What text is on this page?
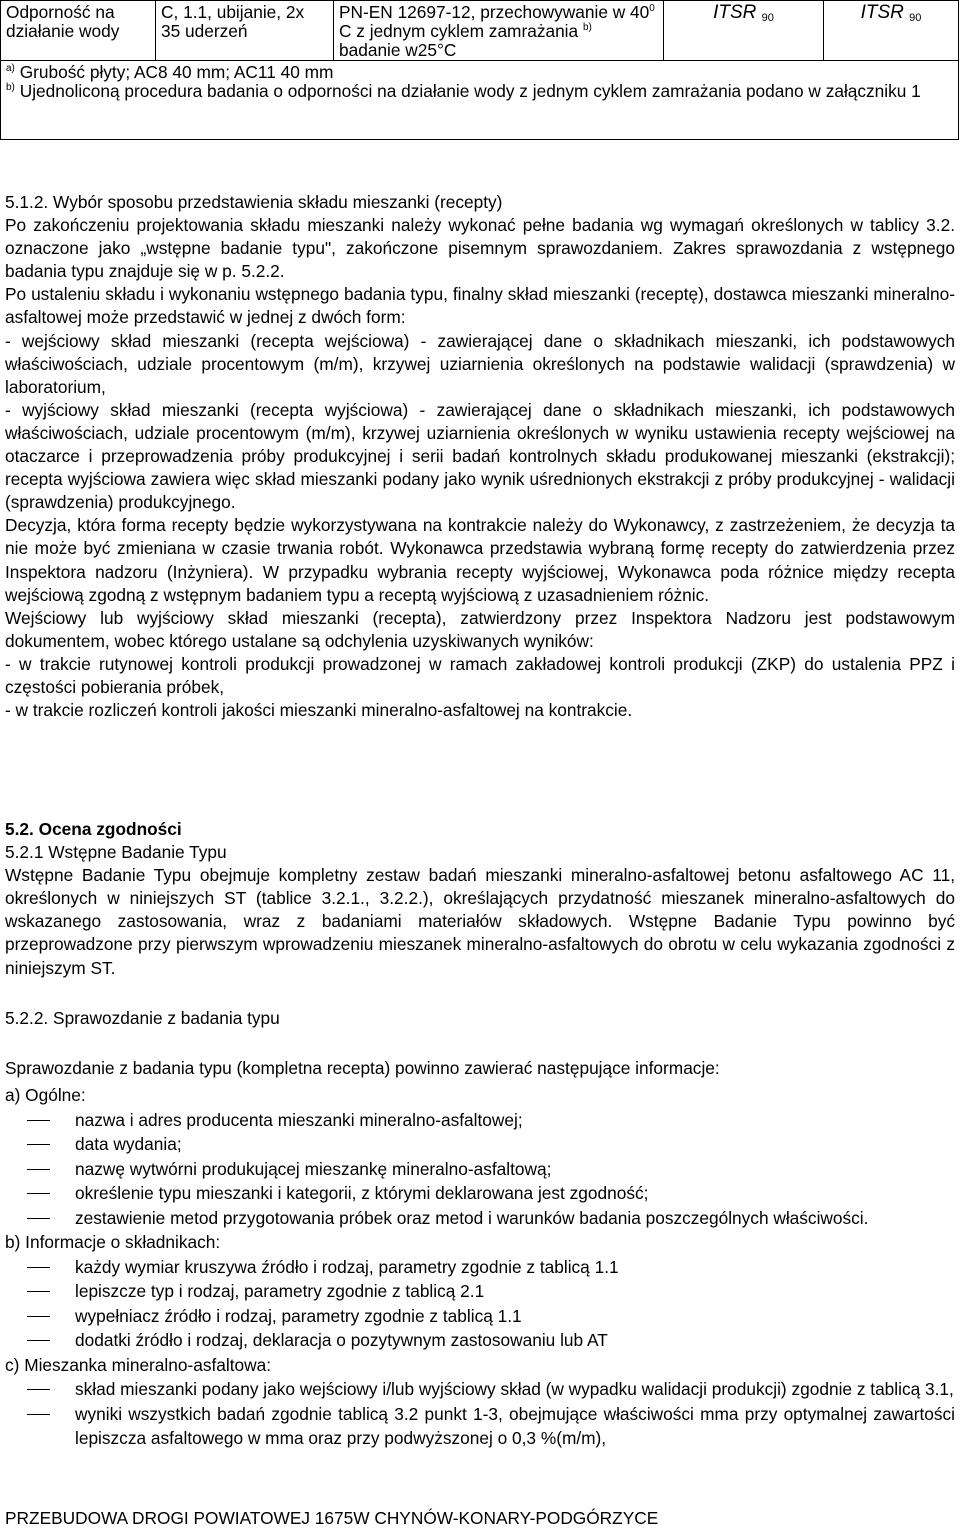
Odporność na działanie wody	C, 1.1, ubijanie, 2x 35 uderzeń	PN-EN 12697-12, przechowywanie w $40^0$ C z jednym cyklem zamrażania $^{b)}$ badanie w25°C	ITSR $_{90}$	ITSR $_{90}$

$^{a)}$ Grubość płyty; AC8 40 mm; AC11 40 mm
$^{b)}$ Ujednoliconą procedura badania o odporności na działanie wody z jednym cyklem zamrażania podano w załączniku 1

5.1.2. Wybór sposobu przedstawienia składu mieszanki (recepty)

Po zakończeniu projektowania składu mieszanki należy wykonać pełne badania wg wymagań określonych w tablicy 3.2. oznaczone jako „wstępne badanie typu", zakończone pisemnym sprawozdaniem. Zakres sprawozdania z wstępnego badania typu znajduje się w p. 5.2.2.

Po ustaleniu składu i wykonaniu wstępnego badania typu, finalny skład mieszanki (receptę), dostawca mieszanki mineralno-asfaltowej może przedstawić w jednej z dwóch form:

- wejściowy skład mieszanki (recepta wejściowa) - zawierającej dane o składnikach mieszanki, ich podstawowych właściwościach, udziale procentowym (m/m), krzywej uziarnienia określonych na podstawie walidacji (sprawdzenia) w laboratorium,

- wyjściowy skład mieszanki (recepta wyjściowa) - zawierającej dane o składnikach mieszanki, ich podstawowych właściwościach, udziale procentowym (m/m), krzywej uziarnienia określonych w wyniku ustawienia recepty wejściowej na otaczarce i przeprowadzenia próby produkcyjnej i serii badań kontrolnych składu produkowanej mieszanki (ekstrakcji); recepta wyjściowa zawiera więc skład mieszanki podany jako wynik uśrednionych ekstrakcji z próby produkcyjnej - walidacji (sprawdzenia) produkcyjnego.

Decyzja, która forma recepty będzie wykorzystywana na kontrakcie należy do Wykonawcy, z zastrzeżeniem, że decyzja ta nie może być zmieniana w czasie trwania robót. Wykonawca przedstawia wybraną formę recepty do zatwierdzenia przez Inspektora nadzoru (Inżyniera). W przypadku wybrania recepty wyjściowej, Wykonawca poda różnice między recepta wejściową zgodną z wstępnym badaniem typu a receptą wyjściową z uzasadnieniem różnic.

Wejściowy lub wyjściowy skład mieszanki (recepta), zatwierdzony przez Inspektora Nadzoru jest podstawowym dokumentem, wobec którego ustalane są odchylenia uzyskiwanych wyników:

- w trakcie rutynowej kontroli produkcji prowadzonej w ramach zakładowej kontroli produkcji (ZKP) do ustalenia PPZ i częstości pobierania próbek,

- w trakcie rozliczeń kontroli jakości mieszanki mineralno-asfaltowej na kontrakcie.

5.2. Ocena zgodności

5.2.1 Wstępne Badanie Typu

Wstępne Badanie Typu obejmuje kompletny zestaw badań mieszanki mineralno-asfaltowej betonu asfaltowego AC 11, określonych w niniejszych ST (tablice 3.2.1., 3.2.2.), określających przydatność mieszanek mineralno-asfaltowych do wskazanego zastosowania, wraz z badaniami materiałów składowych. Wstępne Badanie Typu powinno być przeprowadzone przy pierwszym wprowadzeniu mieszanek mineralno-asfaltowych do obrotu w celu wykazania zgodności z niniejszym ST.

5.2.2. Sprawozdanie z badania typu

Sprawozdanie z badania typu (kompletna recepta) powinno zawierać następujące informacje:

a) Ogólne:

nazwa i adres producenta mieszanki mineralno-asfaltowej;
data wydania;
nazwę wytwórni produkującej mieszankę mineralno-asfaltową;
określenie typu mieszanki i kategorii, z którymi deklarowana jest zgodność;
zestawienie metod przygotowania próbek oraz metod i warunków badania poszczególnych właściwości.

b) Informacje o składnikach:

każdy wymiar kruszywa źródło i rodzaj, parametry zgodnie z tablicą 1.1
lepiszcze typ i rodzaj, parametry zgodnie z tablicą 2.1
wypełniacz źródło i rodzaj, parametry zgodnie z tablicą 1.1
dodatki źródło i rodzaj, deklaracja o pozytywnym zastosowaniu lub AT

c) Mieszanka mineralno-asfaltowa:

skład mieszanki podany jako wejściowy i/lub wyjściowy skład (w wypadku walidacji produkcji) zgodnie z tablicą 3.1,
wyniki wszystkich badań zgodnie tablicą 3.2 punkt 1-3, obejmujące właściwości mma przy optymalnej zawartości lepiszcza asfaltowego w mma oraz przy podwyższonej o 0,3 %(m/m),
PRZEBUDOWA DROGI POWIATOWEJ 1675W CHYNÓW-KONARY-PODGÓRZYCE
